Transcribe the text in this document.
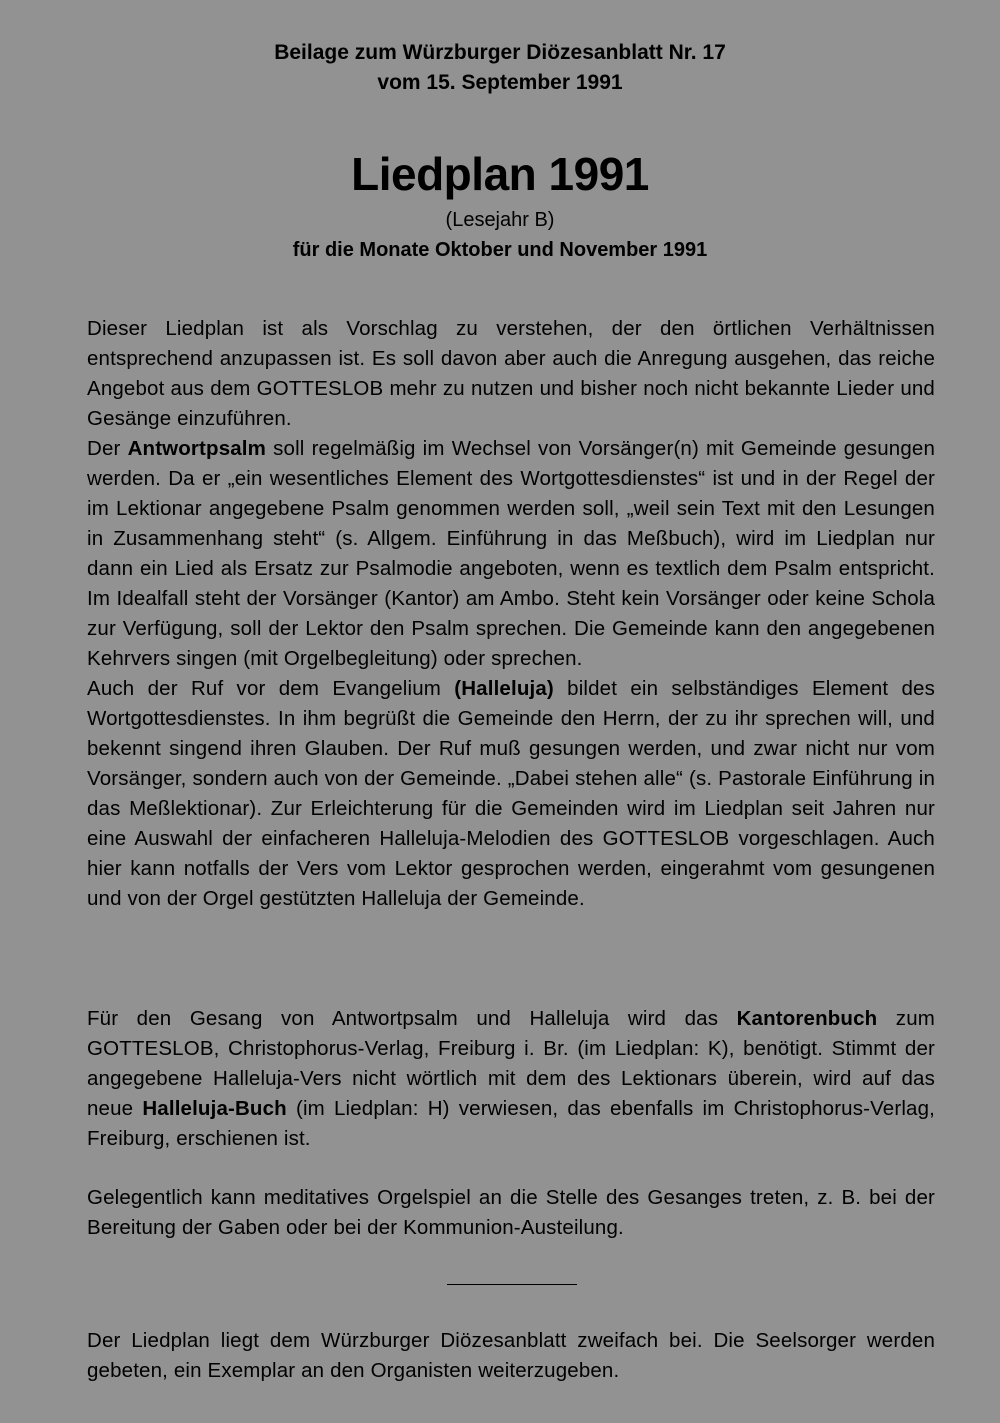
Beilage zum Würzburger Diözesanblatt Nr. 17
vom 15. September 1991
Liedplan 1991
(Lesejahr B)
für die Monate Oktober und November 1991

Dieser Liedplan ist als Vorschlag zu verstehen, der den örtlichen Verhältnissen entsprechend anzupassen ist. Es soll davon aber auch die Anregung ausgehen, das reiche Angebot aus dem GOTTESLOB mehr zu nutzen und bisher noch nicht bekannte Lieder und Gesänge einzuführen.

Der Antwortpsalm soll regelmäßig im Wechsel von Vorsänger(n) mit Gemeinde gesungen werden. Da er „ein wesentliches Element des Wortgottesdienstes“ ist und in der Regel der im Lektionar angegebene Psalm genommen werden soll, „weil sein Text mit den Lesungen in Zusammenhang steht“ (s. Allgem. Einführung in das Meßbuch), wird im Liedplan nur dann ein Lied als Ersatz zur Psalmodie angeboten, wenn es textlich dem Psalm entspricht. Im Idealfall steht der Vorsänger (Kantor) am Ambo. Steht kein Vorsänger oder keine Schola zur Verfügung, soll der Lektor den Psalm sprechen. Die Gemeinde kann den angegebenen Kehrvers singen (mit Orgelbegleitung) oder sprechen.

Auch der Ruf vor dem Evangelium (Halleluja) bildet ein selbständiges Element des Wortgottesdienstes. In ihm begrüßt die Gemeinde den Herrn, der zu ihr sprechen will, und bekennt singend ihren Glauben. Der Ruf muß gesungen werden, und zwar nicht nur vom Vorsänger, sondern auch von der Gemeinde. „Dabei stehen alle“ (s. Pastorale Einführung in das Meßlektionar). Zur Erleichterung für die Gemeinden wird im Liedplan seit Jahren nur eine Auswahl der einfacheren Halleluja-Melodien des GOTTESLOB vorgeschlagen. Auch hier kann notfalls der Vers vom Lektor gesprochen werden, eingerahmt vom gesungenen und von der Orgel gestützten Halleluja der Gemeinde.

Für den Gesang von Antwortpsalm und Halleluja wird das Kantorenbuch zum GOTTESLOB, Christophorus-Verlag, Freiburg i. Br. (im Liedplan: K), benötigt. Stimmt der angegebene Halleluja-Vers nicht wörtlich mit dem des Lektionars überein, wird auf das neue Halleluja-Buch (im Liedplan: H) verwiesen, das ebenfalls im Christophorus-Verlag, Freiburg, erschienen ist.

Gelegentlich kann meditatives Orgelspiel an die Stelle des Gesanges treten, z. B. bei der Bereitung der Gaben oder bei der Kommunion-Austeilung.

Der Liedplan liegt dem Würzburger Diözesanblatt zweifach bei. Die Seelsorger werden gebeten, ein Exemplar an den Organisten weiterzugeben.
